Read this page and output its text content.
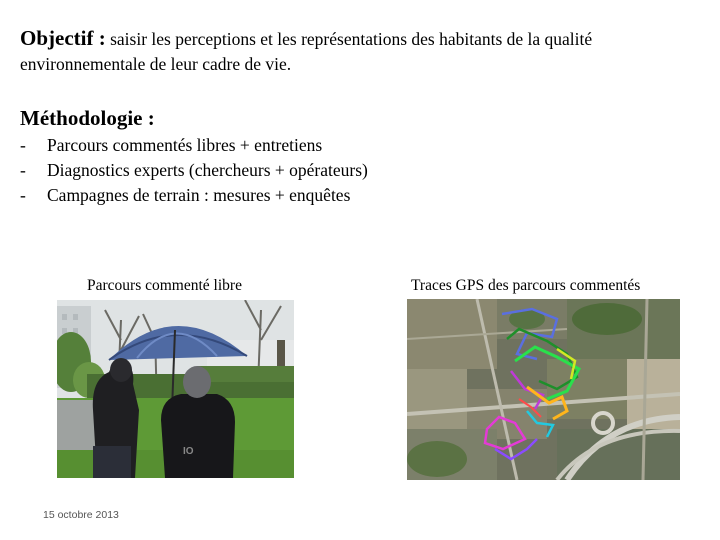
Objectif : saisir les perceptions et les représentations des habitants de la qualité environnementale de leur cadre de vie.

Méthodologie :
- Parcours commentés libres + entretiens
- Diagnostics experts (chercheurs + opérateurs)
- Campagnes de terrain : mesures + enquêtes
Parcours commenté libre	Traces GPS des parcours commentés
IO
15 octobre 2013
